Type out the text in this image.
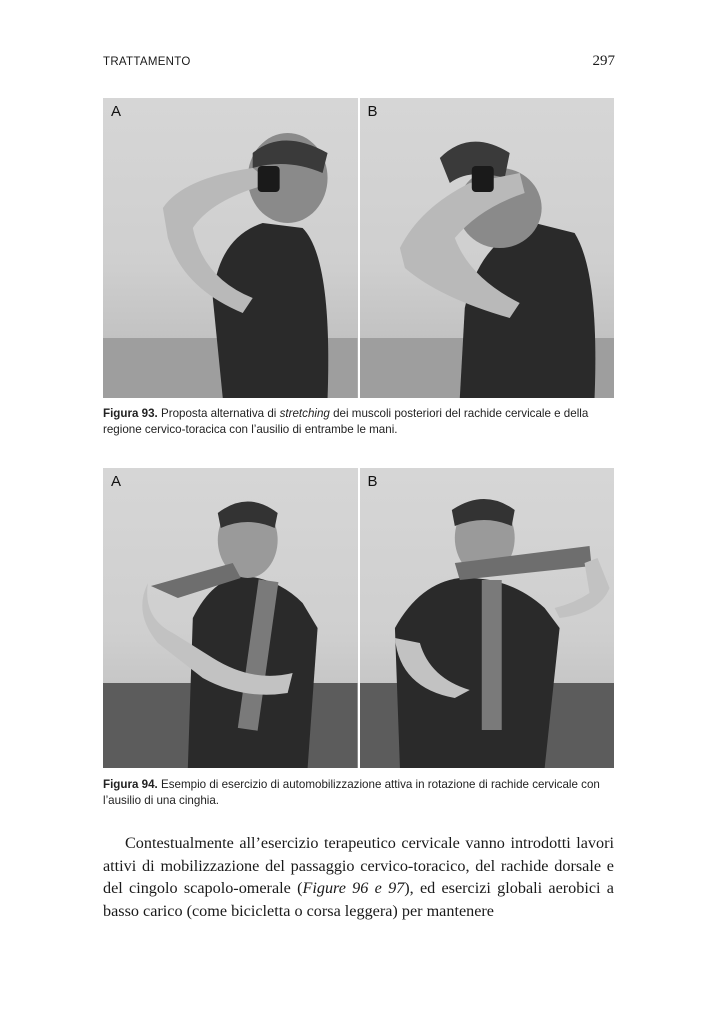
TRATTAMENTO	297
A	B
Figura 93. Proposta alternativa di stretching dei muscoli posteriori del rachide cervicale e della regione cervico-toracica con l’ausilio di entrambe le mani.
A	B
Figura 94. Esempio di esercizio di automobilizzazione attiva in rotazione di rachide cervicale con l’ausilio di una cinghia.
Contestualmente all’esercizio terapeutico cervicale vanno introdotti lavori attivi di mobilizzazione del passaggio cervico-toracico, del rachide dorsale e del cingolo scapolo-omerale (Figure 96 e 97), ed esercizi globali aerobici a basso carico (come bicicletta o corsa leggera) per mantenere
